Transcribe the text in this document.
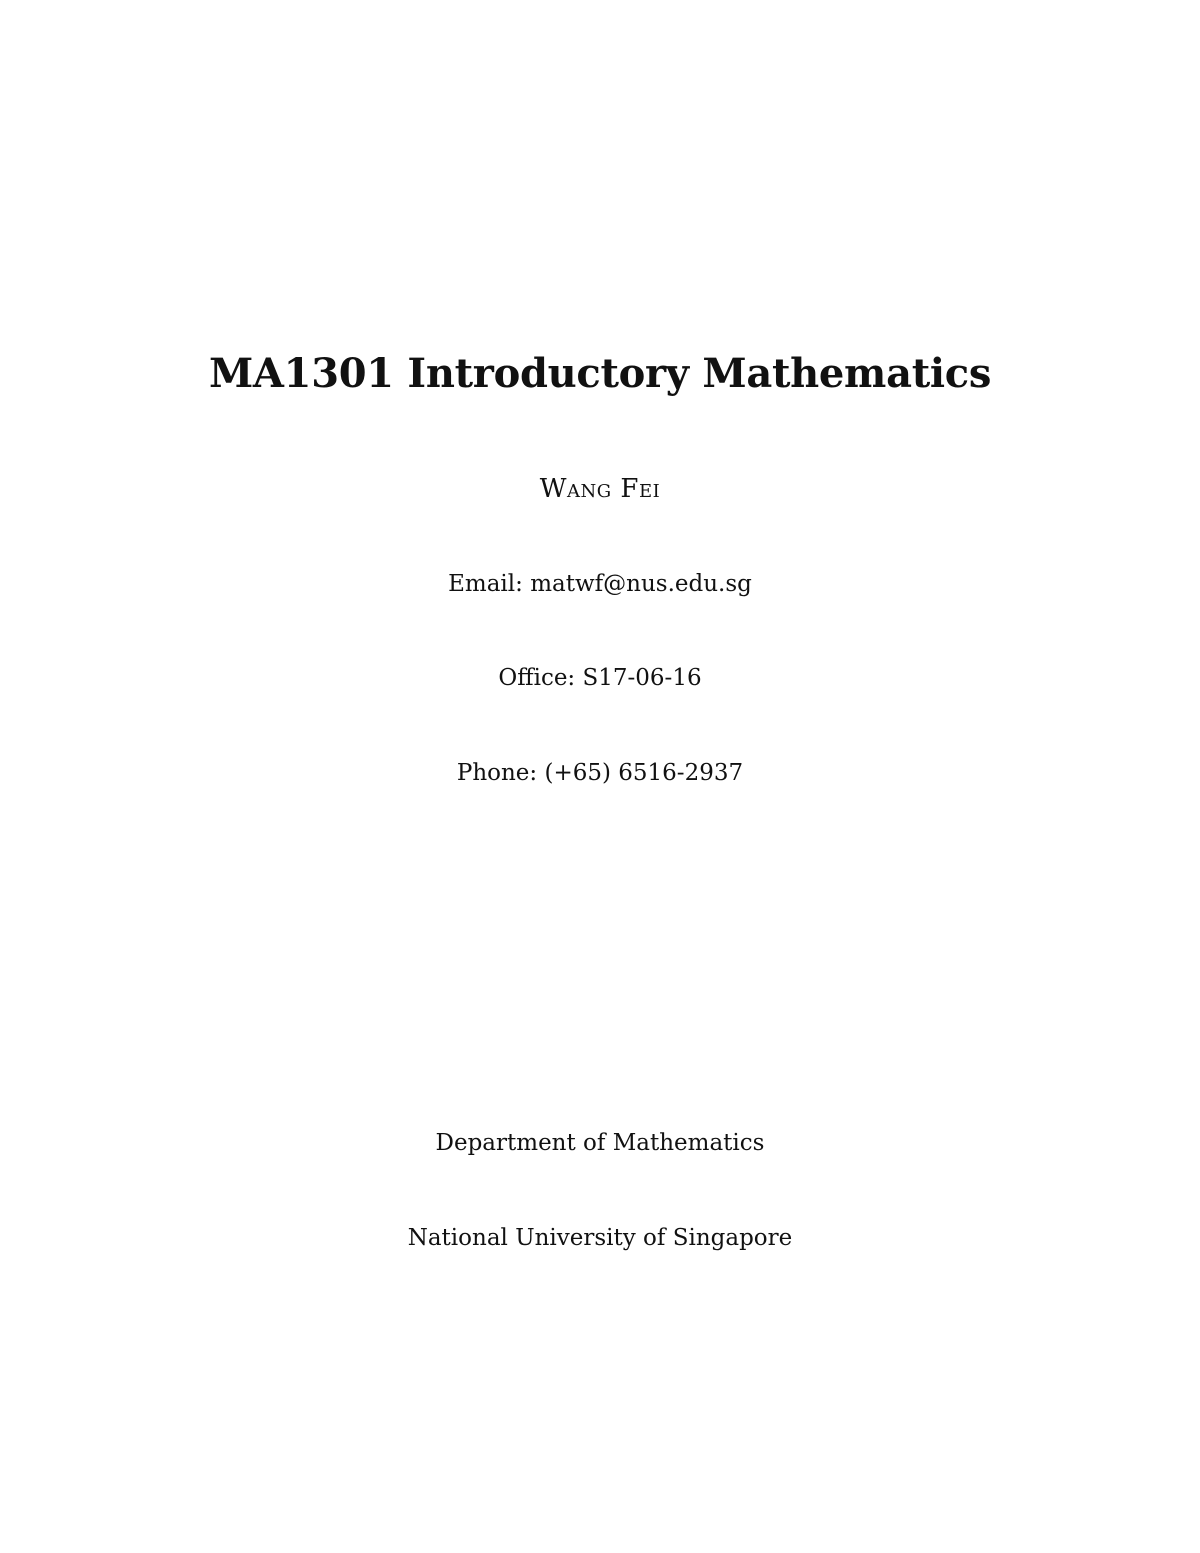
MA1301 Introductory Mathematics
Wang Fei
Email: matwf@nus.edu.sg
Office: S17-06-16
Phone: (+65) 6516-2937
Department of Mathematics
National University of Singapore
